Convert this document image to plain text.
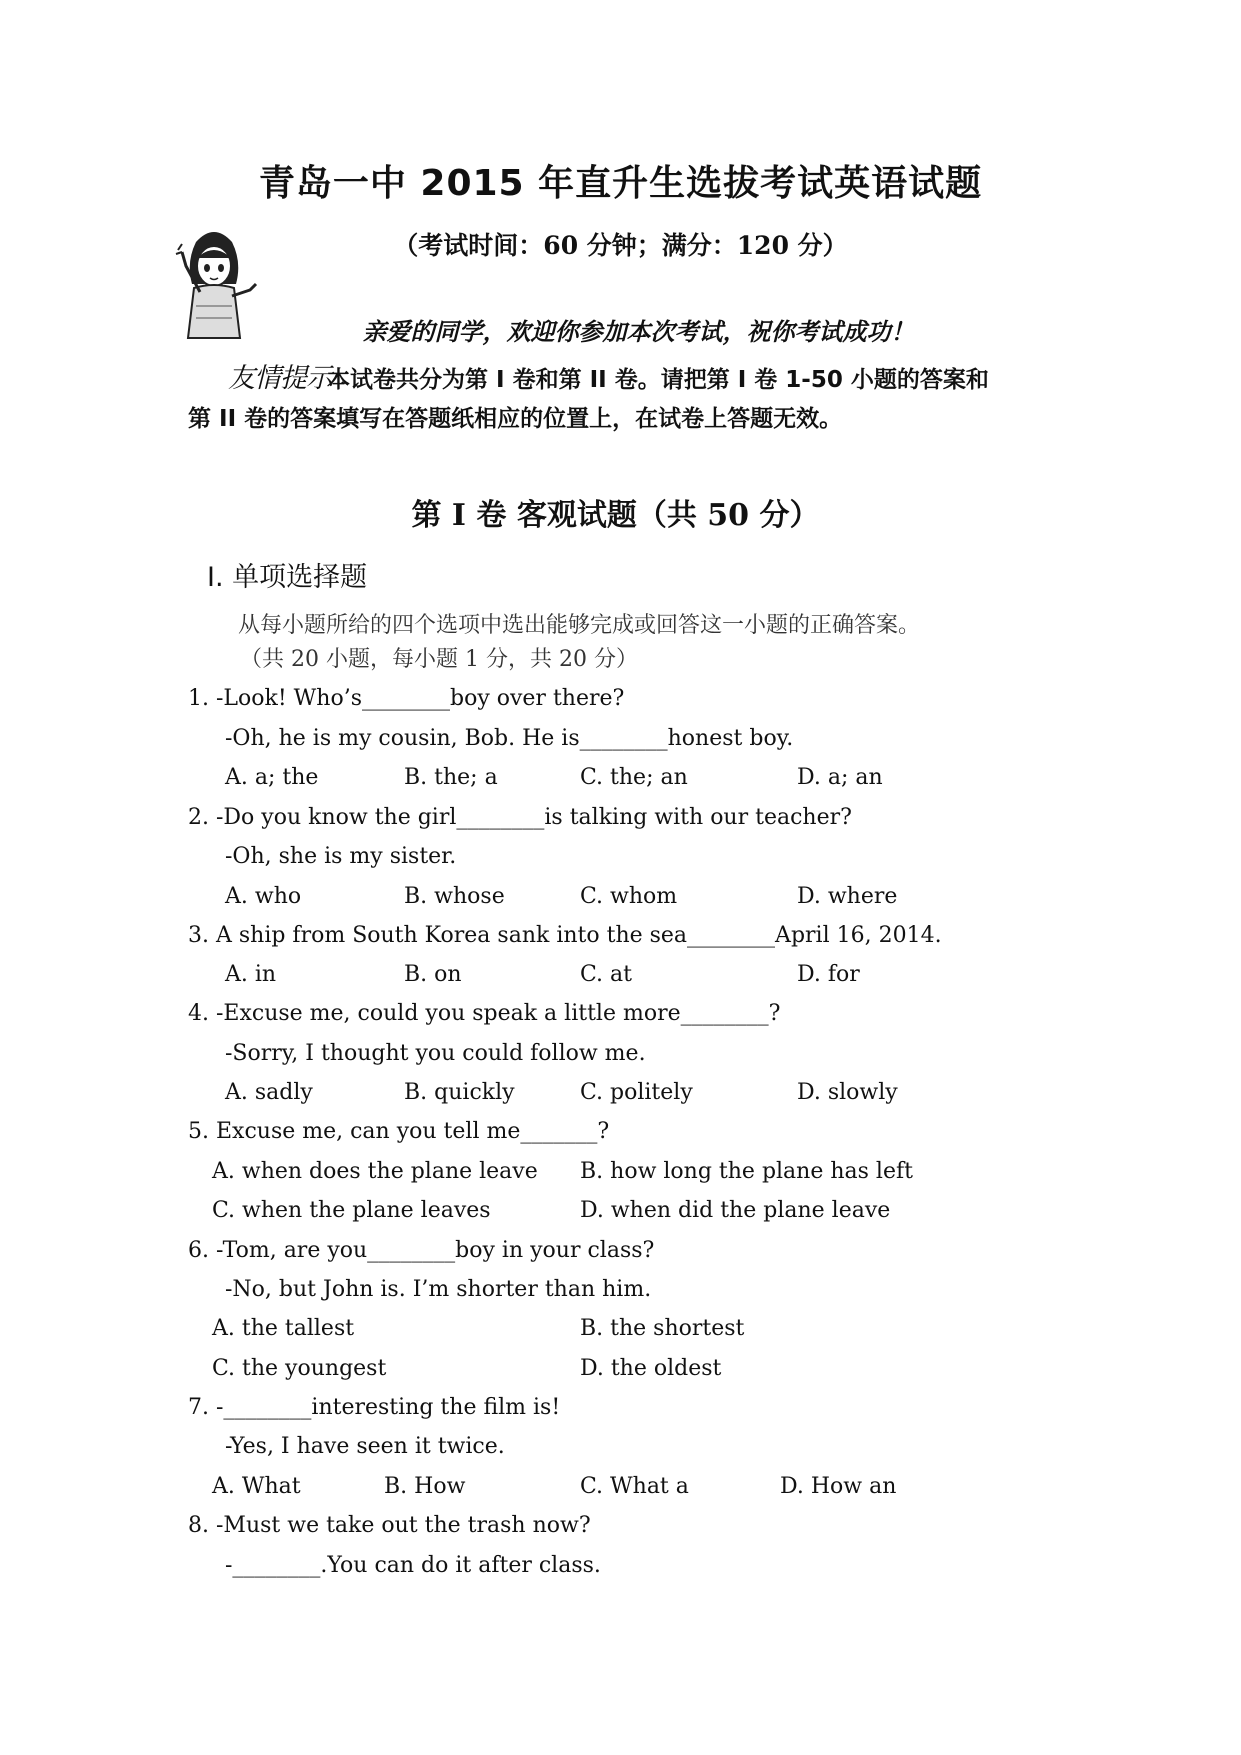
青岛一中 2015 年直升生选拔考试英语试题
（考试时间：60 分钟；满分：120 分）
亲爱的同学，欢迎你参加本次考试，祝你考试成功！
友情提示
本试卷共分为第 I 卷和第 II 卷。请把第 I 卷 1-50 小题的答案和
第 II 卷的答案填写在答题纸相应的位置上，在试卷上答题无效。
第 I 卷 客观试题（共 50 分）
I. 单项选择题
从每小题所给的四个选项中选出能够完成或回答这一小题的正确答案。
（共 20 小题，每小题 1 分，共 20 分）
1. -Look! Who’s________boy over there?
-Oh, he is my cousin, Bob. He is________honest boy.
A. a; the	B. the; a	C. the; an	D. a; an
2. -Do you know the girl________is talking with our teacher?
-Oh, she is my sister.
A. who	B. whose	C. whom	D. where
3. A ship from South Korea sank into the sea________April 16, 2014.
A. in	B. on	C. at	D. for
4. -Excuse me, could you speak a little more________?
-Sorry, I thought you could follow me.
A. sadly	B. quickly	C. politely	D. slowly
5. Excuse me, can you tell me_______?
A. when does the plane leave B. how long the plane has left
C. when the plane leaves	D. when did the plane leave
6. -Tom, are you________boy in your class?
-No, but John is. I’m shorter than him.
A. the tallest	B. the shortest
C. the youngest	D. the oldest
7. -________interesting the film is!
-Yes, I have seen it twice.
A. What	B. How	C. What a	D. How an
8. -Must we take out the trash now?
-________.You can do it after class.
